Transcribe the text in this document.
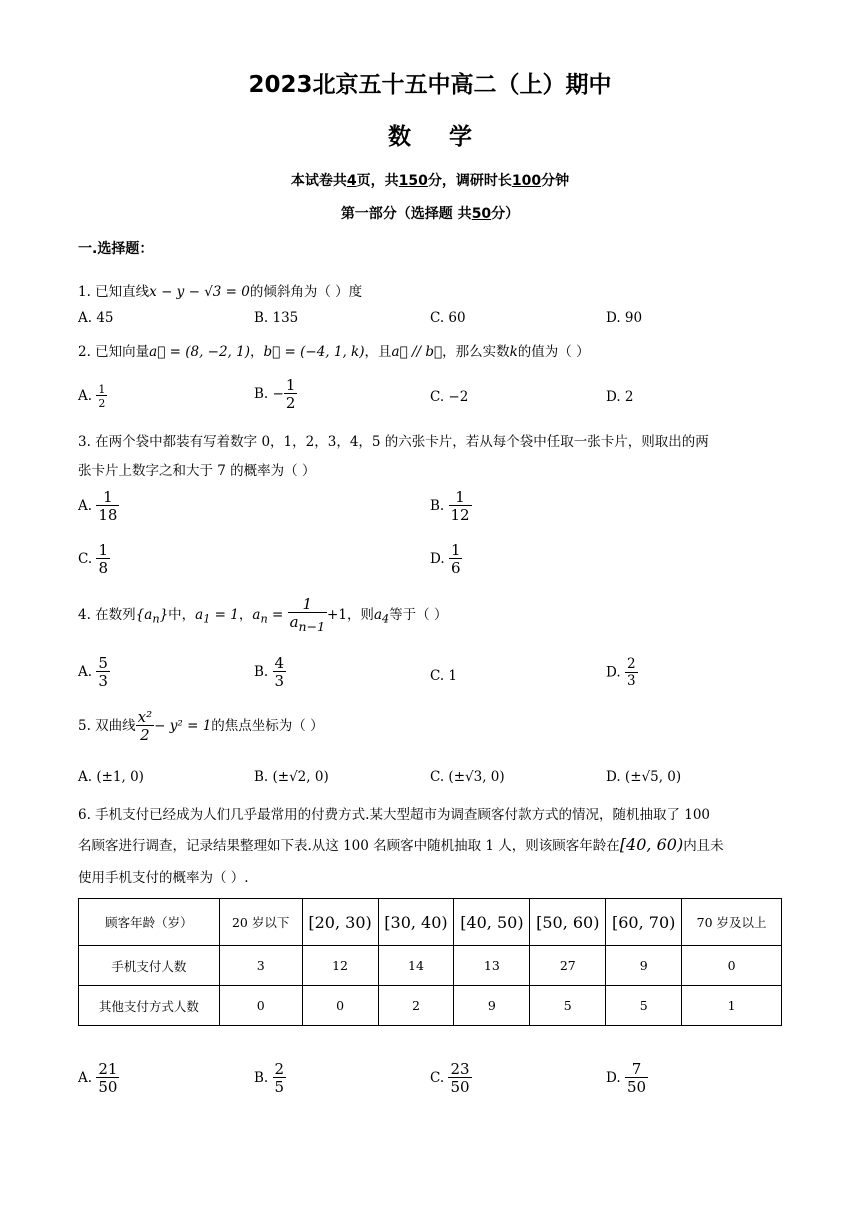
2023北京五十五中高二（上）期中
数学
本试卷共4页，共150分，调研时长100分钟
第一部分（选择题 共50分）
一.选择题：
1. 已知直线x − y − √3 = 0的倾斜角为（ ）度
A. 45	B. 135	C. 60	D. 90
2. 已知向量a⃗ = (8, −2, 1)，b⃗ = (−4, 1, k)，且a⃗ // b⃗，那么实数k的值为（ ）
A. $\frac{1}{2}$	B. − $\frac{1}{2}$	C. −2	D. 2
3. 在两个袋中都装有写着数字 0，1，2，3，4，5 的六张卡片，若从每个袋中任取一张卡片，则取出的两
张卡片上数字之和大于 7 的概率为（ ）
A. $\frac{1}{18}$	B. $\frac{1}{12}$
C. $\frac{1}{8}$	D. $\frac{1}{6}$
4. 在数列$\{a_n\}$中，$a_1 = 1$，$a_n = \frac{1}{a_{n-1}} +1$，则$a_4$等于（ ）
A. $\frac{5}{3}$	B. $\frac{4}{3}$	C. 1	D. $\frac{2}{3}$
5. 双曲线 $\frac{\text{x²}}{2} - y^2 = 1$的焦点坐标为（ ）
A. (±1, 0)	B. (±√2, 0)	C. (±√3, 0)	D. (±√5, 0)
6. 手机支付已经成为人们几乎最常用的付费方式.某大型超市为调查顾客付款方式的情况，随机抽取了 100
名顾客进行调查，记录结果整理如下表.从这 100 名顾客中随机抽取 1 人，则该顾客年龄在[40, 60)内且未
使用手机支付的概率为（ ）.
顾客年龄（岁）	20 岁以下	[20, 30)	[30, 40)	[40, 50)	[50, 60)	[60, 70)	70 岁及以上
手机支付人数	3	12	14	13	27	9	0
其他支付方式人数	0	0	2	9	5	5	1
A. $\frac{21}{50}$	B. $\frac{2}{5}$	C. $\frac{23}{50}$	D. $\frac{7}{50}$
